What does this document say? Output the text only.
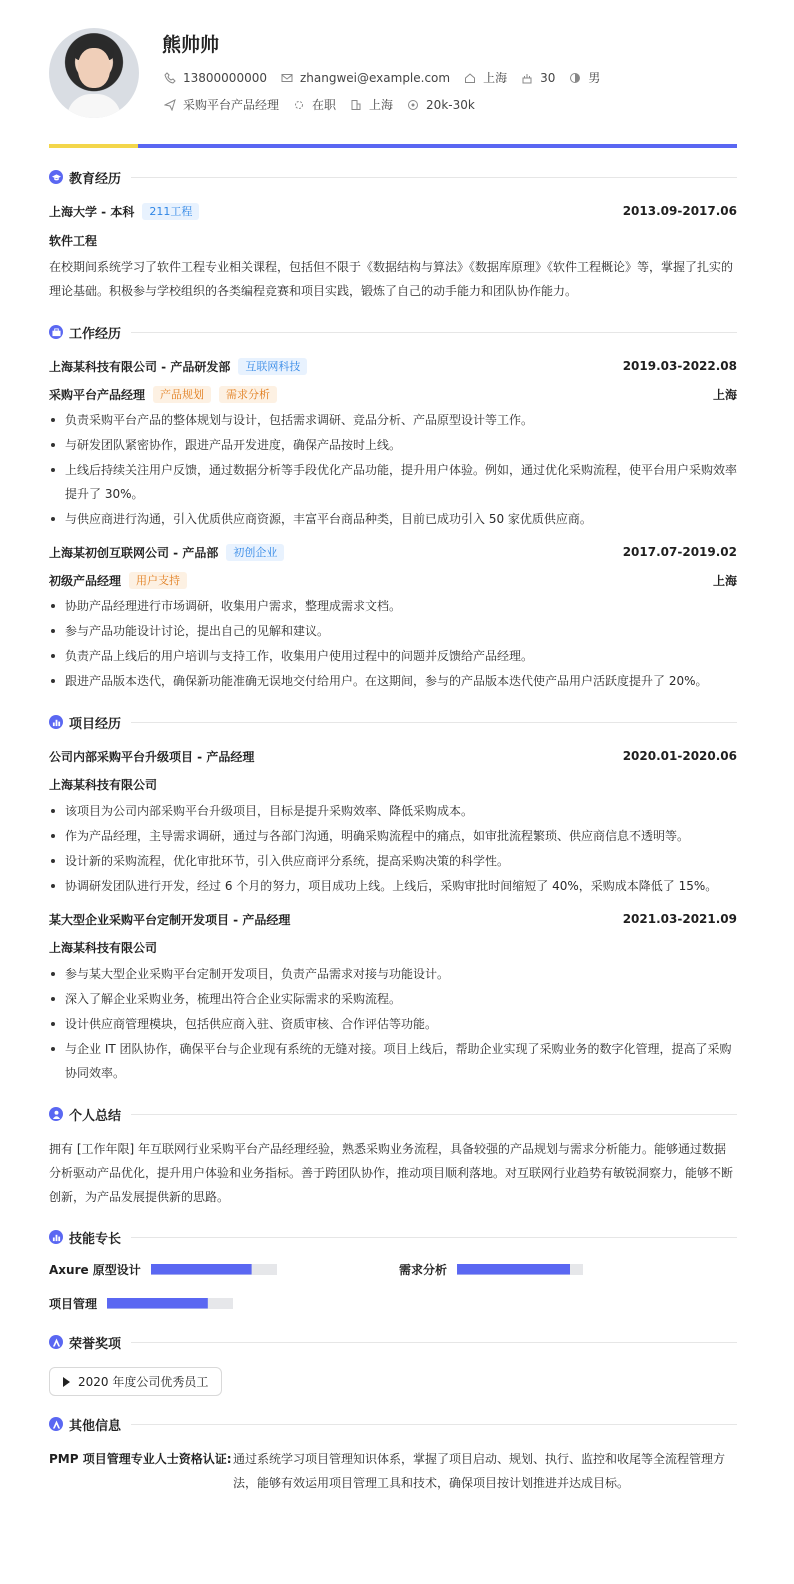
熊帅帅
13800000000	zhangwei@example.com	上海	30	男
采购平台产品经理	在职	上海	20k-30k
教育经历
上海大学 - 本科	211工程	2013.09-2017.06
软件工程
在校期间系统学习了软件工程专业相关课程，包括但不限于《数据结构与算法》《数据库原理》《软件工程概论》等，掌握了扎实的理论基础。积极参与学校组织的各类编程竞赛和项目实践，锻炼了自己的动手能力和团队协作能力。
工作经历
上海某科技有限公司 - 产品研发部	互联网科技	2019.03-2022.08
采购平台产品经理	产品规划	需求分析	上海
负责采购平台产品的整体规划与设计，包括需求调研、竞品分析、产品原型设计等工作。
与研发团队紧密协作，跟进产品开发进度，确保产品按时上线。
上线后持续关注用户反馈，通过数据分析等手段优化产品功能，提升用户体验。例如，通过优化采购流程，使平台用户采购效率提升了 30%。
与供应商进行沟通，引入优质供应商资源，丰富平台商品种类，目前已成功引入 50 家优质供应商。
上海某初创互联网公司 - 产品部	初创企业	2017.07-2019.02
初级产品经理	用户支持	上海
协助产品经理进行市场调研，收集用户需求，整理成需求文档。
参与产品功能设计讨论，提出自己的见解和建议。
负责产品上线后的用户培训与支持工作，收集用户使用过程中的问题并反馈给产品经理。
跟进产品版本迭代，确保新功能准确无误地交付给用户。在这期间，参与的产品版本迭代使产品用户活跃度提升了 20%。
项目经历
公司内部采购平台升级项目 - 产品经理	2020.01-2020.06
上海某科技有限公司
该项目为公司内部采购平台升级项目，目标是提升采购效率、降低采购成本。
作为产品经理，主导需求调研，通过与各部门沟通，明确采购流程中的痛点，如审批流程繁琐、供应商信息不透明等。
设计新的采购流程，优化审批环节，引入供应商评分系统，提高采购决策的科学性。
协调研发团队进行开发，经过 6 个月的努力，项目成功上线。上线后，采购审批时间缩短了 40%，采购成本降低了 15%。
某大型企业采购平台定制开发项目 - 产品经理	2021.03-2021.09
上海某科技有限公司
参与某大型企业采购平台定制开发项目，负责产品需求对接与功能设计。
深入了解企业采购业务，梳理出符合企业实际需求的采购流程。
设计供应商管理模块，包括供应商入驻、资质审核、合作评估等功能。
与企业 IT 团队协作，确保平台与企业现有系统的无缝对接。项目上线后，帮助企业实现了采购业务的数字化管理，提高了采购协同效率。
个人总结
拥有 [工作年限] 年互联网行业采购平台产品经理经验，熟悉采购业务流程，具备较强的产品规划与需求分析能力。能够通过数据分析驱动产品优化，提升用户体验和业务指标。善于跨团队协作，推动项目顺利落地。对互联网行业趋势有敏锐洞察力，能够不断创新，为产品发展提供新的思路。
技能专长
Axure 原型设计	需求分析
项目管理
荣誉奖项
2020 年度公司优秀员工
其他信息
PMP 项目管理专业人士资格认证: 通过系统学习项目管理知识体系，掌握了项目启动、规划、执行、监控和收尾等全流程管理方法，能够有效运用项目管理工具和技术，确保项目按计划推进并达成目标。
